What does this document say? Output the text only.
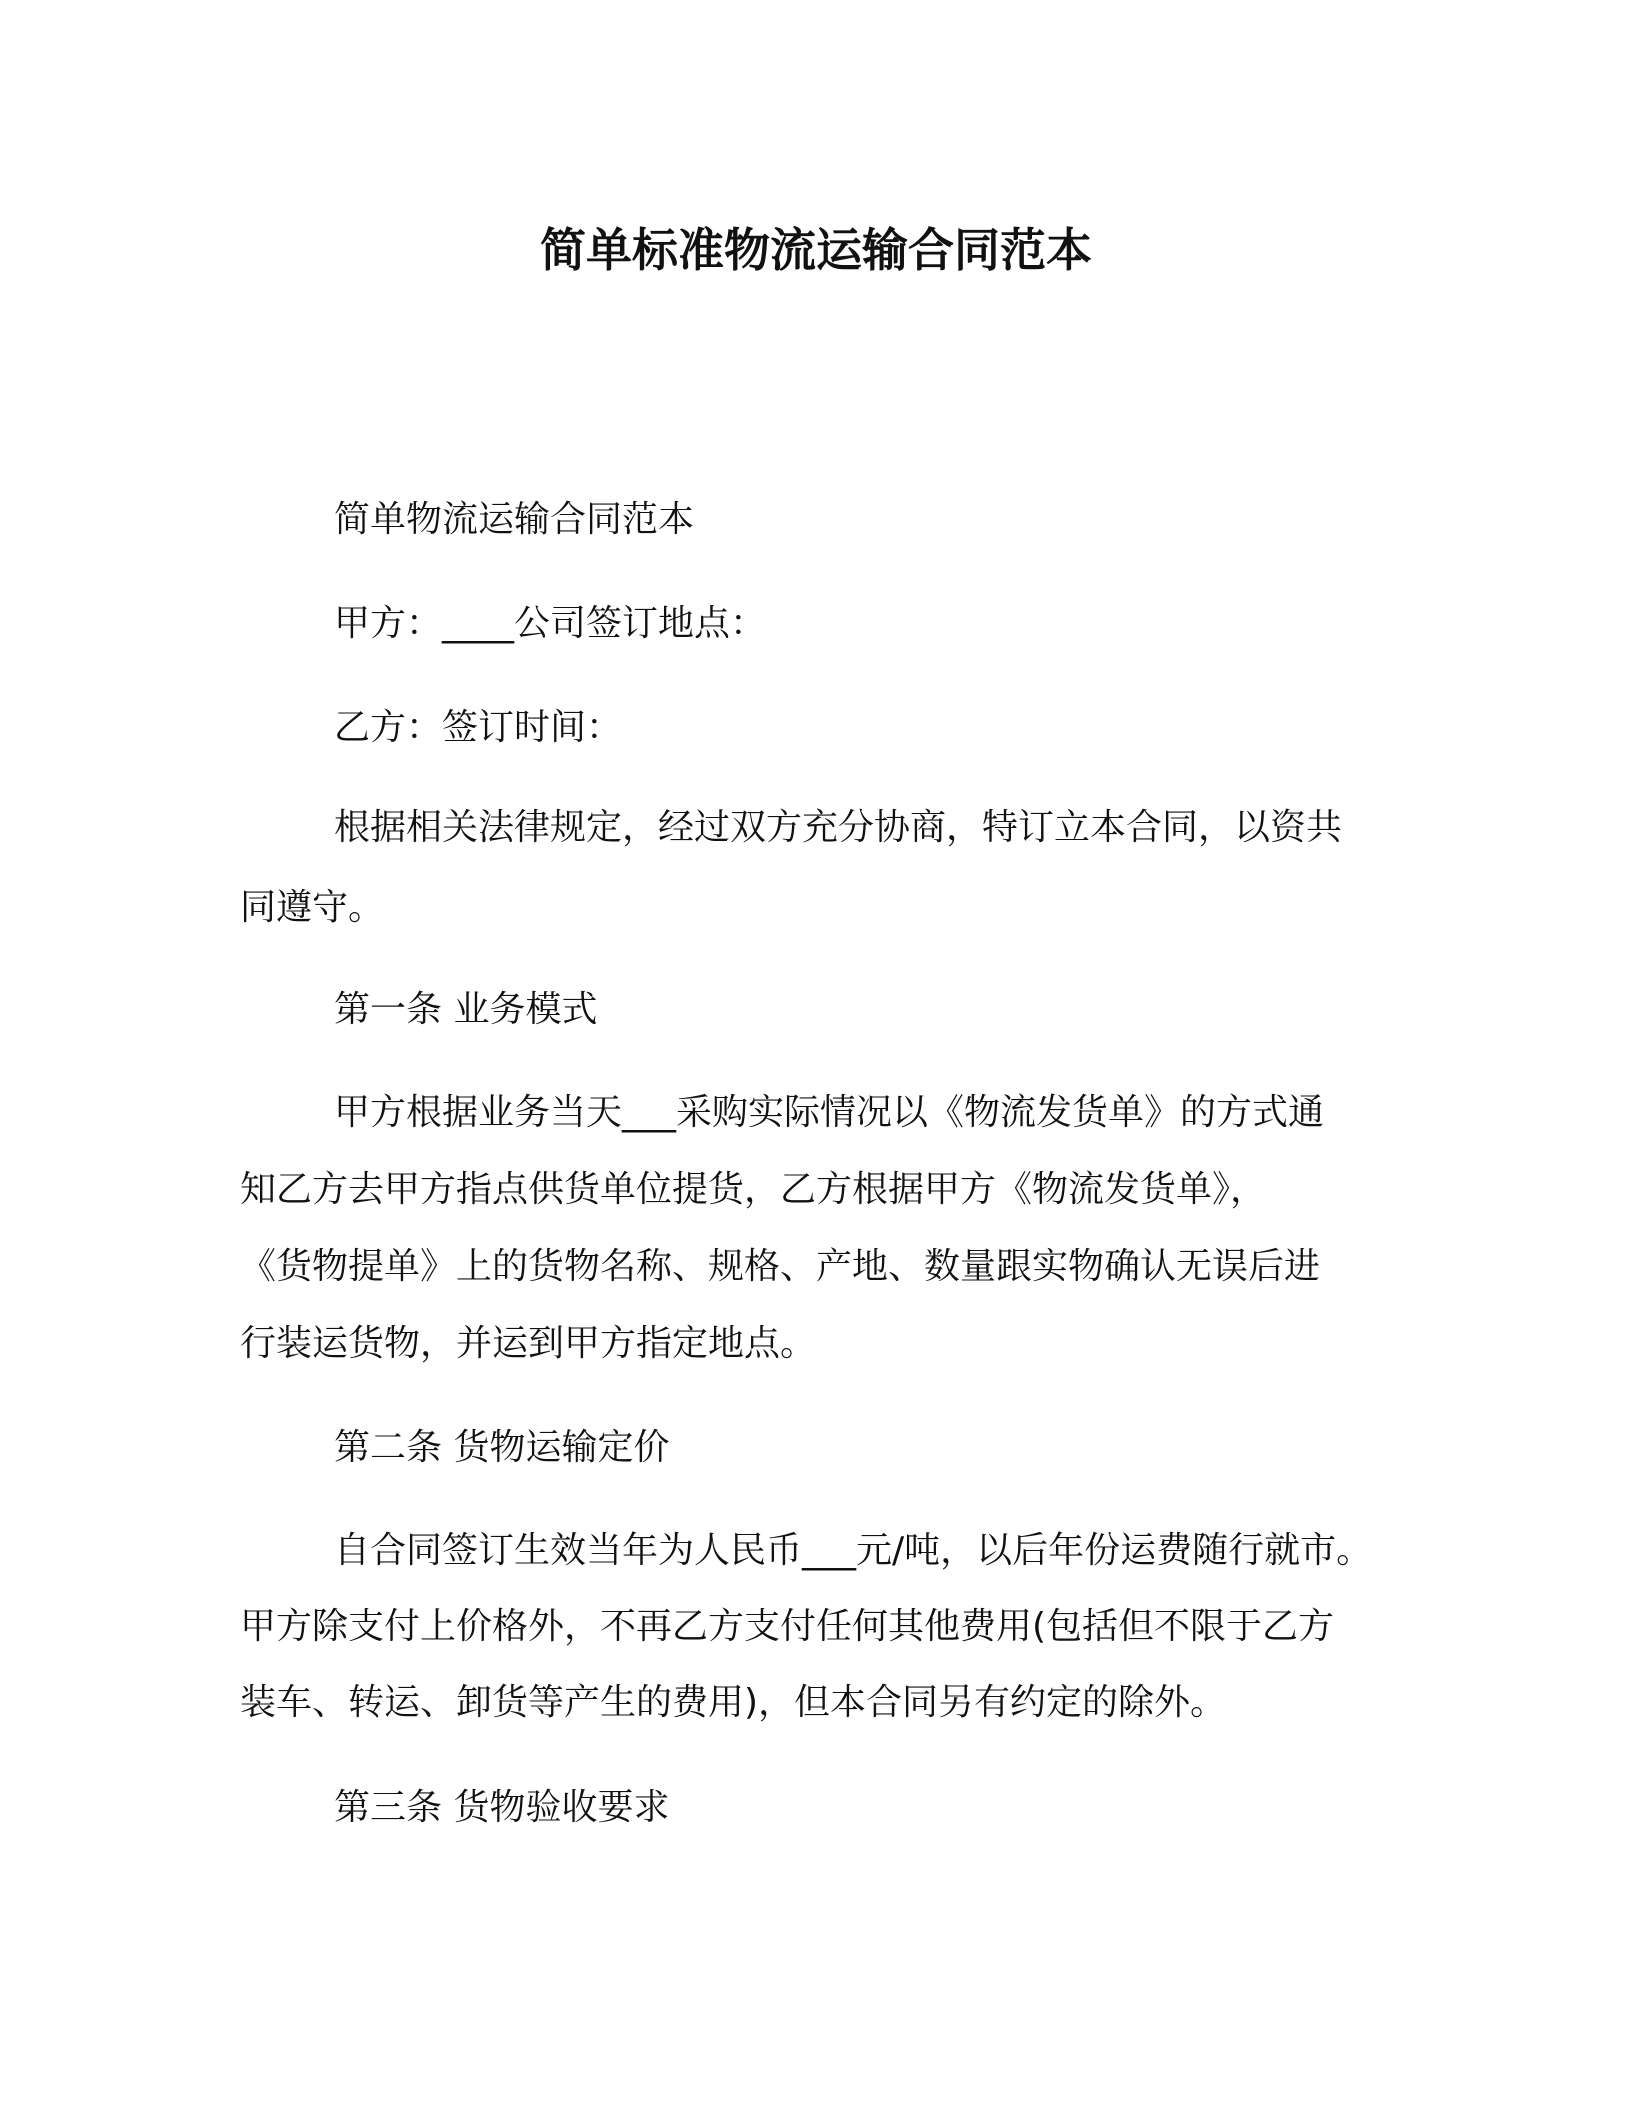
简单标准物流运输合同范本
简单物流运输合同范本
甲方：____公司签订地点：
乙方：签订时间：
根据相关法律规定，经过双方充分协商，特订立本合同，以资共
同遵守。
第一条 业务模式
甲方根据业务当天___采购实际情况以《物流发货单》的方式通
知乙方去甲方指点供货单位提货，乙方根据甲方《物流发货单》，
《货物提单》上的货物名称、规格、产地、数量跟实物确认无误后进
行装运货物，并运到甲方指定地点。
第二条 货物运输定价
自合同签订生效当年为人民币___元/吨，以后年份运费随行就市。
甲方除支付上价格外，不再乙方支付任何其他费用(包括但不限于乙方
装车、转运、卸货等产生的费用)，但本合同另有约定的除外。
第三条 货物验收要求
